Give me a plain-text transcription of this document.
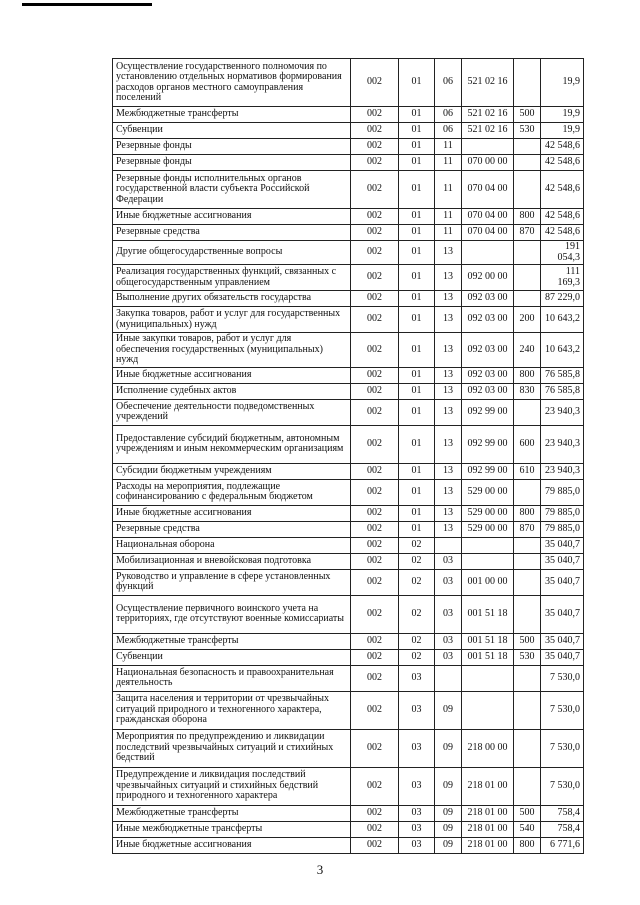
Осуществление государственного полномочия по установлению отдельных нормативов формирования расходов органов местного самоуправления поселений	002	01	06	521 02 16		19,9
Межбюджетные трансферты	002	01	06	521 02 16	500	19,9
Субвенции	002	01	06	521 02 16	530	19,9
Резервные фонды	002	01	11			42 548,6
Резервные фонды	002	01	11	070 00 00		42 548,6
Резервные фонды исполнительных органов государственной власти субъекта Российской Федерации	002	01	11	070 04 00		42 548,6
Иные бюджетные ассигнования	002	01	11	070 04 00	800	42 548,6
Резервные средства	002	01	11	070 04 00	870	42 548,6
Другие общегосударственные вопросы	002	01	13			191 054,3
Реализация государственных функций, связанных с общегосударственным управлением	002	01	13	092 00 00		111 169,3
Выполнение других обязательств государства	002	01	13	092 03 00		87 229,0
Закупка товаров, работ и услуг для государственных (муниципальных) нужд	002	01	13	092 03 00	200	10 643,2
Иные закупки товаров, работ и услуг для обеспечения государственных (муниципальных) нужд	002	01	13	092 03 00	240	10 643,2
Иные бюджетные ассигнования	002	01	13	092 03 00	800	76 585,8
Исполнение судебных актов	002	01	13	092 03 00	830	76 585,8
Обеспечение деятельности подведомственных учреждений	002	01	13	092 99 00		23 940,3
Предоставление субсидий бюджетным, автономным учреждениям и иным некоммерческим организациям	002	01	13	092 99 00	600	23 940,3
Субсидии бюджетным учреждениям	002	01	13	092 99 00	610	23 940,3
Расходы на мероприятия, подлежащие софинансированию с федеральным бюджетом	002	01	13	529 00 00		79 885,0
Иные бюджетные ассигнования	002	01	13	529 00 00	800	79 885,0
Резервные средства	002	01	13	529 00 00	870	79 885,0
Национальная оборона	002	02				35 040,7
Мобилизационная и вневойсковая подготовка	002	02	03			35 040,7
Руководство и управление в сфере установленных функций	002	02	03	001 00 00		35 040,7
Осуществление первичного воинского учета на территориях, где отсутствуют военные комиссариаты	002	02	03	001 51 18		35 040,7
Межбюджетные трансферты	002	02	03	001 51 18	500	35 040,7
Субвенции	002	02	03	001 51 18	530	35 040,7
Национальная безопасность и правоохранительная деятельность	002	03				7 530,0
Защита населения и территории от чрезвычайных ситуаций природного и техногенного характера, гражданская оборона	002	03	09			7 530,0
Мероприятия по предупреждению и ликвидации последствий чрезвычайных ситуаций и стихийных бедствий	002	03	09	218 00 00		7 530,0
Предупреждение и ликвидация последствий чрезвычайных ситуаций и стихийных бедствий природного и техногенного характера	002	03	09	218 01 00		7 530,0
Межбюджетные трансферты	002	03	09	218 01 00	500	758,4
Иные межбюджетные трансферты	002	03	09	218 01 00	540	758,4
Иные бюджетные ассигнования	002	03	09	218 01 00	800	6 771,6
3
